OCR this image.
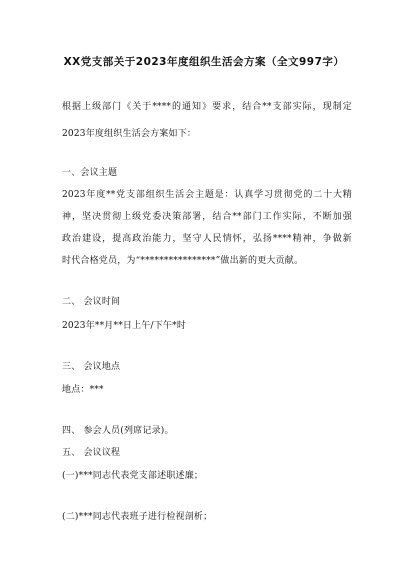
XX党支部关于2023年度组织生活会方案（全文997字）
根据上级部门《关于****的通知》要求，结合**支部实际，现制定
2023年度组织生活会方案如下：
一、会议主题
2023年度**党支部组织生活会主题是：认真学习贯彻党的二十大精
神，坚决贯彻上级党委决策部署，结合**部门工作实际，不断加强
政治建设，提高政治能力，坚守人民情怀，弘扬****精神，争做新
时代合格党员，为“****************”做出新的更大贡献。
二、 会议时间
2023年**月**日上午/下午*时
三、 会议地点
地点：***
四、 参会人员(列席记录)。
五、 会议议程
(一)***同志代表党支部述职述廉；
(二)***同志代表班子进行检视剖析；
